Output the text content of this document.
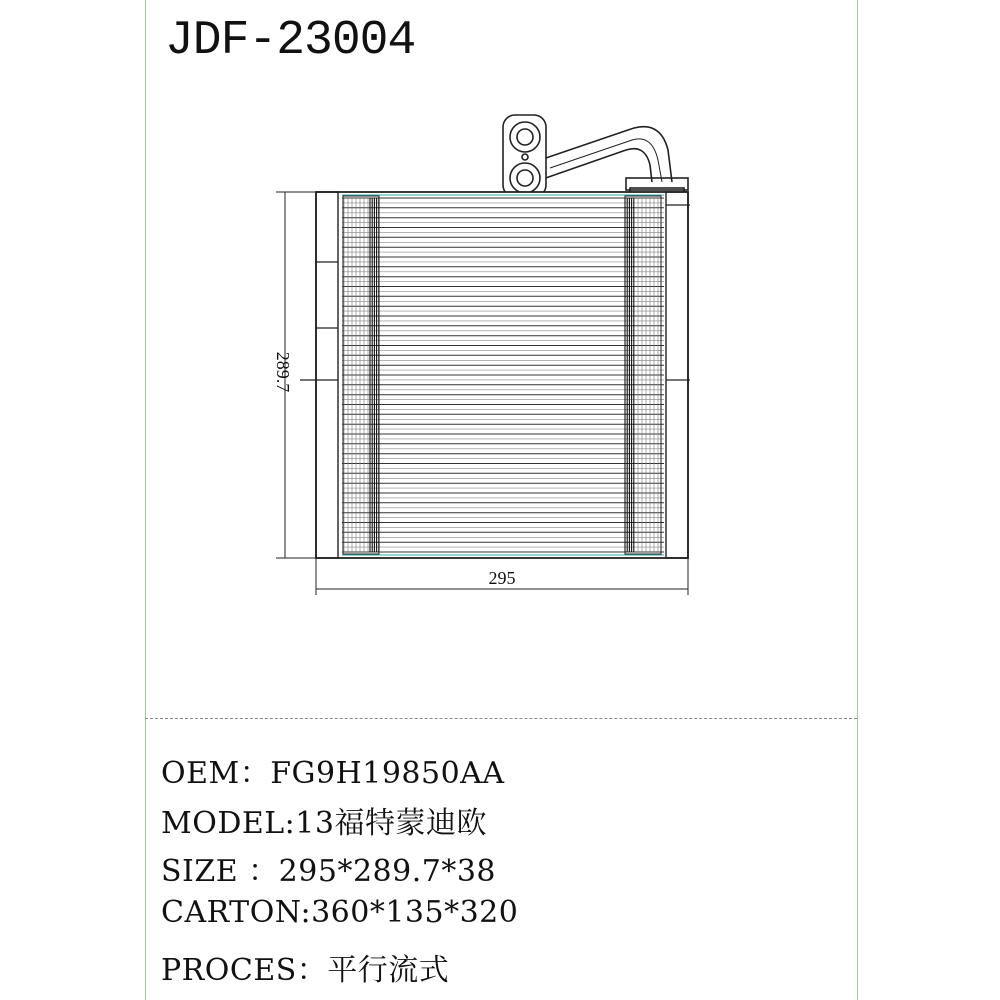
JDF-23004
289.7
295
OEM：FG9H19850AA
MODEL:13福特蒙迪欧
SIZE ：295*289.7*38
CARTON:360*135*320
PROCES：平行流式
